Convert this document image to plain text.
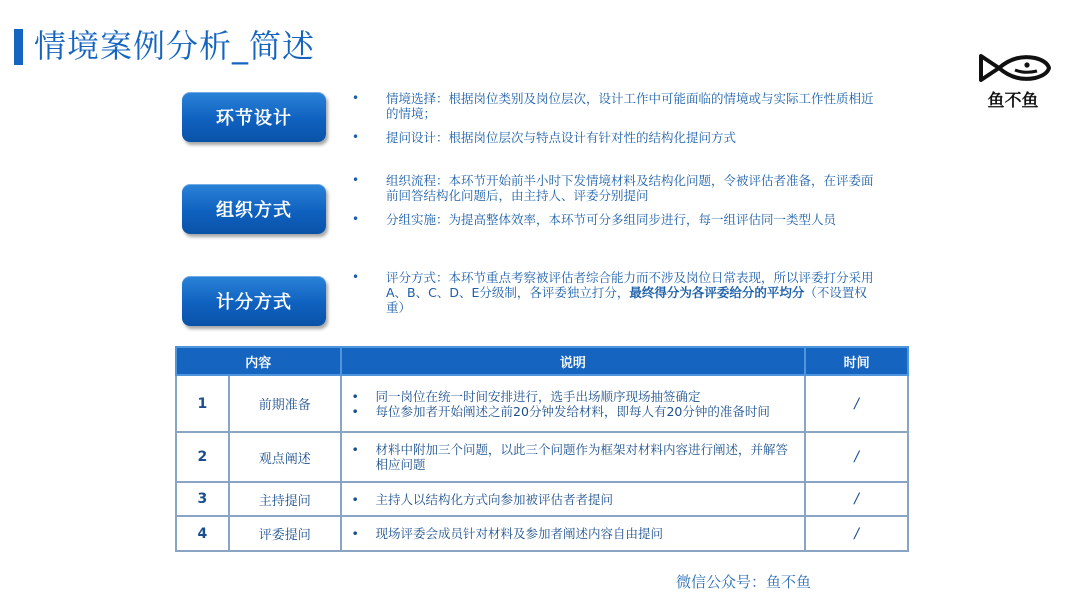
情境案例分析_简述
鱼不鱼
环节设计
• 情境选择：根据岗位类别及岗位层次，设计工作中可能面临的情境或与实际工作性质相近的情境；
• 提问设计：根据岗位层次与特点设计有针对性的结构化提问方式
组织方式
• 组织流程：本环节开始前半小时下发情境材料及结构化问题，令被评估者准备，在评委面前回答结构化问题后，由主持人、评委分别提问
• 分组实施：为提高整体效率，本环节可分多组同步进行，每一组评估同一类型人员
计分方式
• 评分方式：本环节重点考察被评估者综合能力而不涉及岗位日常表现，所以评委打分采用A、B、C、D、E分级制，各评委独立打分，最终得分为各评委给分的平均分（不设置权重）
内容		说明	时间
1	前期准备	• 同一岗位在统一时间安排进行，选手出场顺序现场抽签确定
• 每位参加者开始阐述之前20分钟发给材料，即每人有20分钟的准备时间	/
2	观点阐述	• 材料中附加三个问题，以此三个问题作为框架对材料内容进行阐述，并解答相应问题	/
3	主持提问	• 主持人以结构化方式向参加被评估者者提问	/
4	评委提问	• 现场评委会成员针对材料及参加者阐述内容自由提问	/
微信公众号：鱼不鱼
